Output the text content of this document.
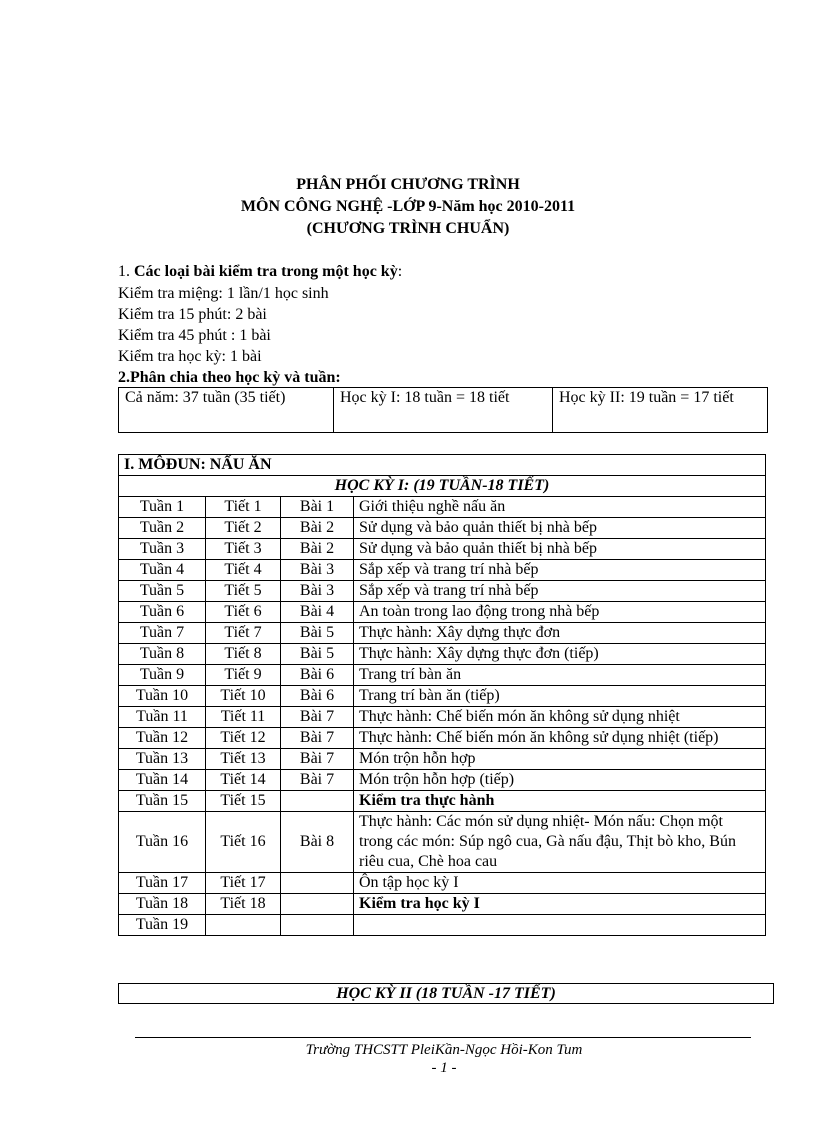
PHÂN PHỐI CHƯƠNG TRÌNH
MÔN CÔNG NGHỆ -LỚP 9-Năm học 2010-2011
(CHƯƠNG TRÌNH CHUẨN)
1. Các loại bài kiểm tra trong một học kỳ:
Kiểm tra miệng: 1 lần/1 học sinh
Kiểm tra 15 phút: 2 bài
Kiểm tra 45 phút : 1 bài
Kiểm tra học kỳ: 1 bài
2.Phân chia theo học kỳ và tuần:
Cả năm: 37 tuần (35 tiết)	Học kỳ I: 18 tuần = 18 tiết	Học kỳ II: 19 tuần = 17 tiết
I. MÔĐUN: NẤU ĂN			
HỌC KỲ I: (19 TUẦN-18 TIẾT)			
Tuần 1	Tiết 1	Bài 1	Giới thiệu nghề nấu ăn
Tuần 2	Tiết 2	Bài 2	Sử dụng và bảo quản thiết bị nhà bếp
Tuần 3	Tiết 3	Bài 2	Sử dụng và bảo quản thiết bị nhà bếp
Tuần 4	Tiết 4	Bài 3	Sắp xếp và trang trí nhà bếp
Tuần 5	Tiết 5	Bài 3	Sắp xếp và trang trí nhà bếp
Tuần 6	Tiết 6	Bài 4	An toàn trong lao động trong nhà bếp
Tuần 7	Tiết 7	Bài 5	Thực hành: Xây dựng thực đơn
Tuần 8	Tiết 8	Bài 5	Thực hành: Xây dựng thực đơn (tiếp)
Tuần 9	Tiết 9	Bài 6	Trang trí bàn ăn
Tuần 10	Tiết 10	Bài 6	Trang trí bàn ăn (tiếp)
Tuần 11	Tiết 11	Bài 7	Thực hành: Chế biến món ăn không sử dụng nhiệt
Tuần 12	Tiết 12	Bài 7	Thực hành: Chế biến món ăn không sử dụng nhiệt (tiếp)
Tuần 13	Tiết 13	Bài 7	Món trộn hỗn hợp
Tuần 14	Tiết 14	Bài 7	Món trộn hỗn hợp (tiếp)
Tuần 15	Tiết 15		Kiểm tra thực hành
Tuần 16	Tiết 16	Bài 8	Thực hành: Các món sử dụng nhiệt- Món nấu: Chọn một trong các món: Súp ngô cua, Gà nấu đậu, Thịt bò kho, Bún riêu cua, Chè hoa cau
Tuần 17	Tiết 17		Ôn tập học kỳ I
Tuần 18	Tiết 18		Kiểm tra học kỳ I
Tuần 19			
HỌC KỲ II (18 TUẦN -17 TIẾT)
Trường THCSTT PleiKần-Ngọc Hồi-Kon Tum
- 1 -
